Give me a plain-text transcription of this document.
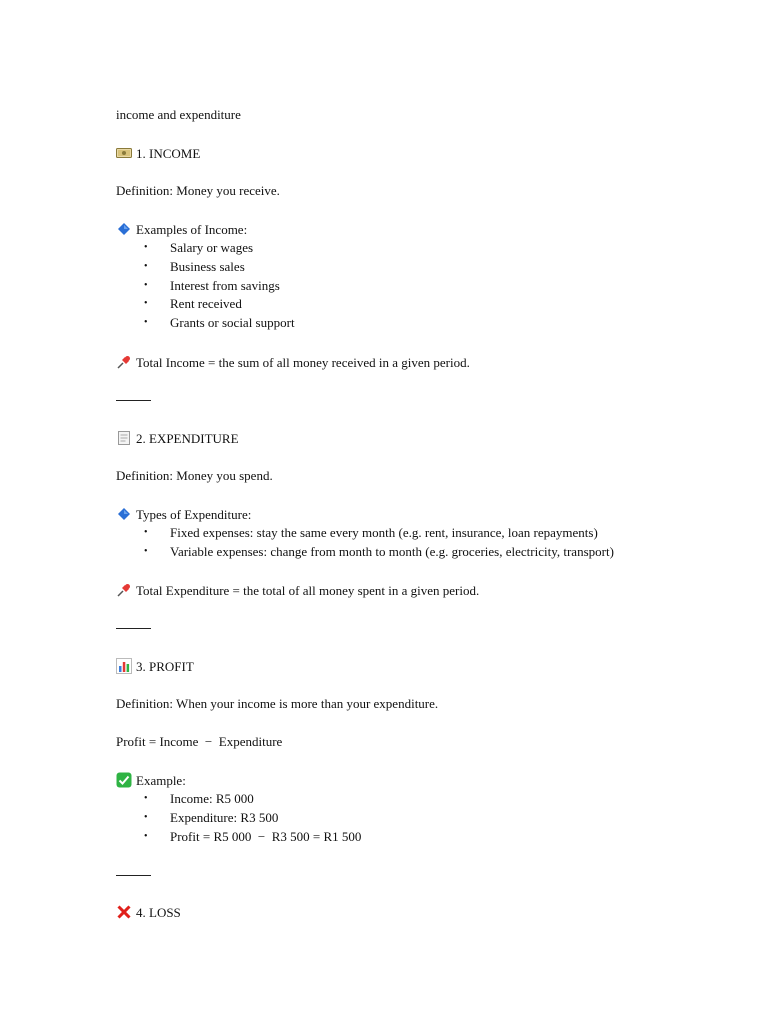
income and expenditure
1. INCOME
Definition: Money you receive.
Examples of Income:
• Salary or wages
• Business sales
• Interest from savings
• Rent received
• Grants or social support
Total Income = the sum of all money received in a given period.
2. EXPENDITURE
Definition: Money you spend.
Types of Expenditure:
• Fixed expenses: stay the same every month (e.g. rent, insurance, loan repayments)
• Variable expenses: change from month to month (e.g. groceries, electricity, transport)
Total Expenditure = the total of all money spent in a given period.
3. PROFIT
Definition: When your income is more than your expenditure.
Profit = Income  −  Expenditure
Example:
• Income: R5 000
• Expenditure: R3 500
• Profit = R5 000  −  R3 500 = R1 500
4. LOSS
